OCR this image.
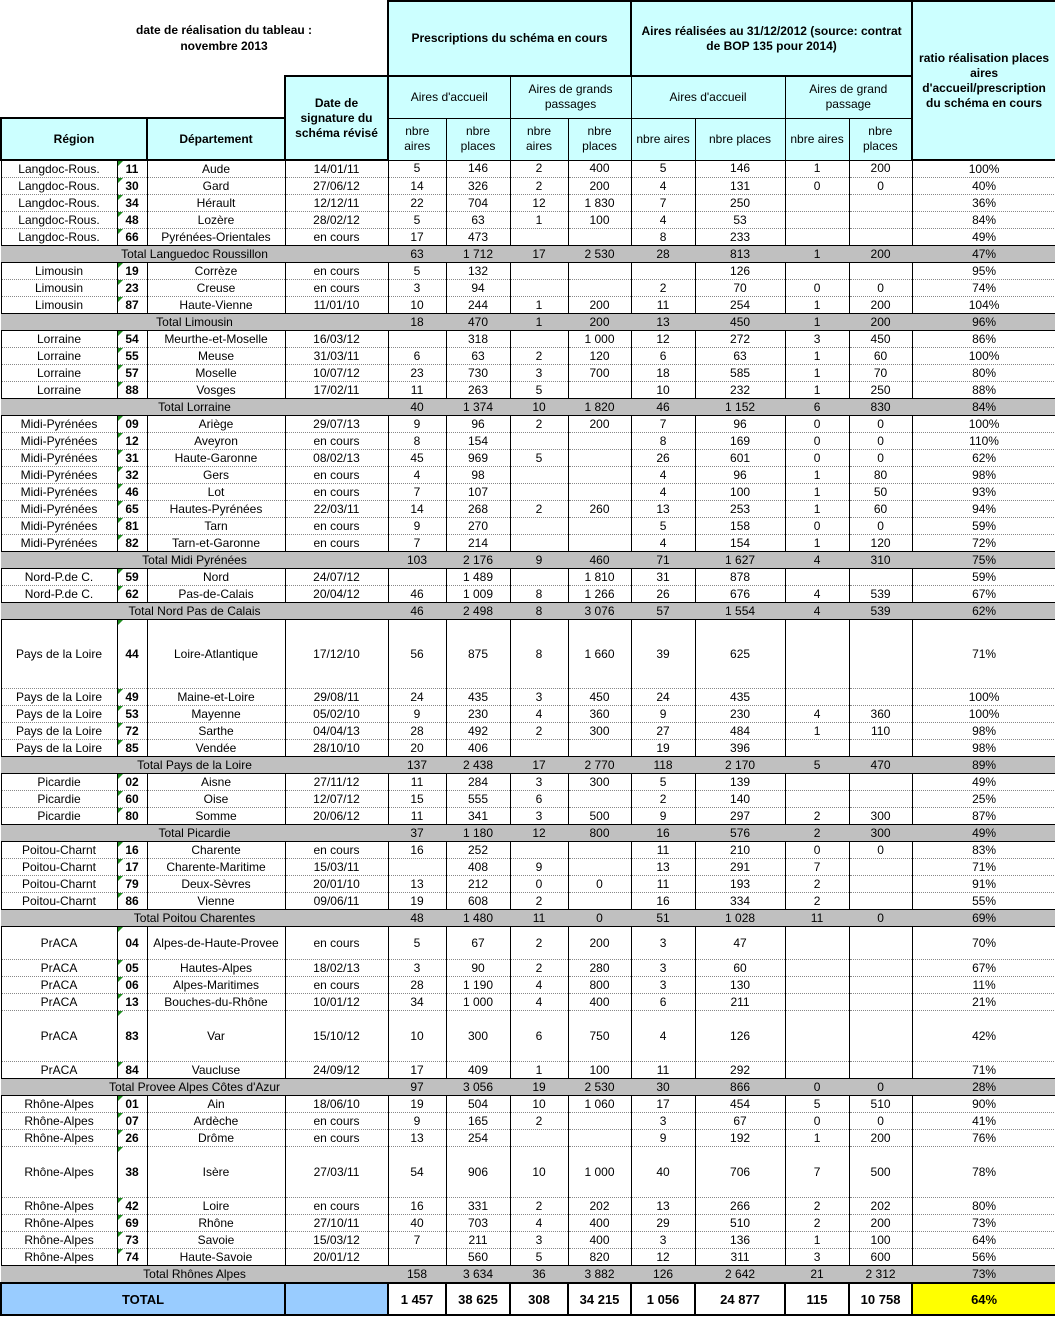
date de réalisation du tableau : novembre 2013				Prescriptions du schéma en cours				Aires réalisées au 31/12/2012 (source: contrat de BOP 135 pour 2014)				ratio réalisation places aires d'accueil/prescription du schéma en cours
			Date de signature du schéma révisé	Aires d'accueil		Aires de grands passages		Aires d'accueil		Aires de grand passage		
Région		Département		nbre aires	nbre places	nbre aires	nbre places	nbre aires	nbre places	nbre aires	nbre places	
Langdoc-Rous.	11	Aude	14/01/11	5	146	2	400	5	146	1	200	100%
Langdoc-Rous.	30	Gard	27/06/12	14	326	2	200	4	131	0	0	40%
Langdoc-Rous.	34	Hérault	12/12/11	22	704	12	1 830	7	250			36%
Langdoc-Rous.	48	Lozère	28/02/12	5	63	1	100	4	53			84%
Langdoc-Rous.	66	Pyrénées-Orientales	en cours	17	473			8	233			49%
Total Languedoc Roussillon				63	1 712	17	2 530	28	813	1	200	47%
Limousin	19	Corrèze	en cours	5	132				126			95%
Limousin	23	Creuse	en cours	3	94			2	70	0	0	74%
Limousin	87	Haute-Vienne	11/01/10	10	244	1	200	11	254	1	200	104%
Total Limousin				18	470	1	200	13	450	1	200	96%
Lorraine	54	Meurthe-et-Moselle	16/03/12		318		1 000	12	272	3	450	86%
Lorraine	55	Meuse	31/03/11	6	63	2	120	6	63	1	60	100%
Lorraine	57	Moselle	10/07/12	23	730	3	700	18	585	1	70	80%
Lorraine	88	Vosges	17/02/11	11	263	5		10	232	1	250	88%
Total Lorraine				40	1 374	10	1 820	46	1 152	6	830	84%
Midi-Pyrénées	09	Ariège	29/07/13	9	96	2	200	7	96	0	0	100%
Midi-Pyrénées	12	Aveyron	en cours	8	154			8	169	0	0	110%
Midi-Pyrénées	31	Haute-Garonne	08/02/13	45	969	5		26	601	0	0	62%
Midi-Pyrénées	32	Gers	en cours	4	98			4	96	1	80	98%
Midi-Pyrénées	46	Lot	en cours	7	107			4	100	1	50	93%
Midi-Pyrénées	65	Hautes-Pyrénées	22/03/11	14	268	2	260	13	253	1	60	94%
Midi-Pyrénées	81	Tarn	en cours	9	270			5	158	0	0	59%
Midi-Pyrénées	82	Tarn-et-Garonne	en cours	7	214			4	154	1	120	72%
Total Midi Pyrénées				103	2 176	9	460	71	1 627	4	310	75%
Nord-P.de C.	59	Nord	24/07/12		1 489		1 810	31	878			59%
Nord-P.de C.	62	Pas-de-Calais	20/04/12	46	1 009	8	1 266	26	676	4	539	67%
Total Nord Pas de Calais				46	2 498	8	3 076	57	1 554	4	539	62%
Pays de la Loire	44	Loire-Atlantique	17/12/10	56	875	8	1 660	39	625			71%
Pays de la Loire	49	Maine-et-Loire	29/08/11	24	435	3	450	24	435			100%
Pays de la Loire	53	Mayenne	05/02/10	9	230	4	360	9	230	4	360	100%
Pays de la Loire	72	Sarthe	04/04/13	28	492	2	300	27	484	1	110	98%
Pays de la Loire	85	Vendée	28/10/10	20	406			19	396			98%
Total Pays de la Loire				137	2 438	17	2 770	118	2 170	5	470	89%
Picardie	02	Aisne	27/11/12	11	284	3	300	5	139			49%
Picardie	60	Oise	12/07/12	15	555	6		2	140			25%
Picardie	80	Somme	20/06/12	11	341	3	500	9	297	2	300	87%
Total Picardie				37	1 180	12	800	16	576	2	300	49%
Poitou-Charnt	16	Charente	en cours	16	252			11	210	0	0	83%
Poitou-Charnt	17	Charente-Maritime	15/03/11		408	9		13	291	7		71%
Poitou-Charnt	79	Deux-Sèvres	20/01/10	13	212	0	0	11	193	2		91%
Poitou-Charnt	86	Vienne	09/06/11	19	608	2		16	334	2		55%
Total Poitou Charentes				48	1 480	11	0	51	1 028	11	0	69%
PrACA	04	Alpes-de-Haute-Provee	en cours	5	67	2	200	3	47			70%
PrACA	05	Hautes-Alpes	18/02/13	3	90	2	280	3	60			67%
PrACA	06	Alpes-Maritimes	en cours	28	1 190	4	800	3	130			11%
PrACA	13	Bouches-du-Rhône	10/01/12	34	1 000	4	400	6	211			21%
PrACA	83	Var	15/10/12	10	300	6	750	4	126			42%
PrACA	84	Vaucluse	24/09/12	17	409	1	100	11	292			71%
Total Provee Alpes Côtes d'Azur				97	3 056	19	2 530	30	866	0	0	28%
Rhône-Alpes	01	Ain	18/06/10	19	504	10	1 060	17	454	5	510	90%
Rhône-Alpes	07	Ardèche	en cours	9	165	2		3	67	0	0	41%
Rhône-Alpes	26	Drôme	en cours	13	254			9	192	1	200	76%
Rhône-Alpes	38	Isère	27/03/11	54	906	10	1 000	40	706	7	500	78%
Rhône-Alpes	42	Loire	en cours	16	331	2	202	13	266	2	202	80%
Rhône-Alpes	69	Rhône	27/10/11	40	703	4	400	29	510	2	200	73%
Rhône-Alpes	73	Savoie	15/03/12	7	211	3	400	3	136	1	100	64%
Rhône-Alpes	74	Haute-Savoie	20/01/12		560	5	820	12	311	3	600	56%
Total Rhônes Alpes				158	3 634	36	3 882	126	2 642	21	2 312	73%
TOTAL				1 457	38 625	308	34 215	1 056	24 877	115	10 758	64%
